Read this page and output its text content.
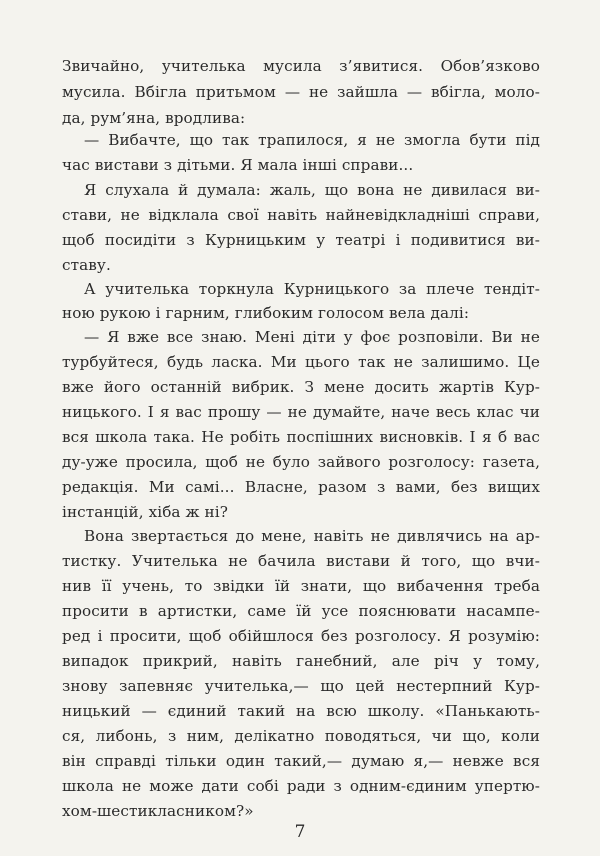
Звичайно, учителька мусила з’явитися. Обов’язково
мусила. Вбігла притьмом — не зайшла — вбігла, моло-
да, рум’яна, вродлива:
— Вибачте, що так трапилося, я не змогла бути під
час вистави з дітьми. Я мала інші справи...
Я слухала й думала: жаль, що вона не дивилася ви-
стави, не відклала свої навіть найневідкладніші справи,
щоб посидіти з Курницьким у театрі і подивитися ви-
ставу.
А учителька торкнула Курницького за плече тендіт-
ною рукою і гарним, глибоким голосом вела далі:
— Я вже все знаю. Мені діти у фоє розповіли. Ви не
турбуйтеся, будь ласка. Ми цього так не залишимо. Це
вже його останній вибрик. З мене досить жартів Кур-
ницького. І я вас прошу — не думайте, наче весь клас чи
вся школа така. Не робіть поспішних висновків. І я б вас
ду-уже просила, щоб не було зайвого розголосу: газета,
редакція. Ми самі... Власне, разом з вами, без вищих
інстанцій, хіба ж ні?
Вона звертається до мене, навіть не дивлячись на ар-
тистку. Учителька не бачила вистави й того, що вчи-
нив її учень, то звідки їй знати, що вибачення треба
просити в артистки, саме їй усе пояснювати насампе-
ред і просити, щоб обійшлося без розголосу. Я розумію:
випадок прикрий, навіть ганебний, але річ у тому,
знову запевняє учителька,— що цей нестерпний Кур-
ницький — єдиний такий на всю школу. «Панькають-
ся, либонь, з ним, делікатно поводяться, чи що, коли
він справді тільки один такий,— думаю я,— невже вся
школа не може дати собі ради з одним-єдиним упертю-
хом-шестикласником?»
7
